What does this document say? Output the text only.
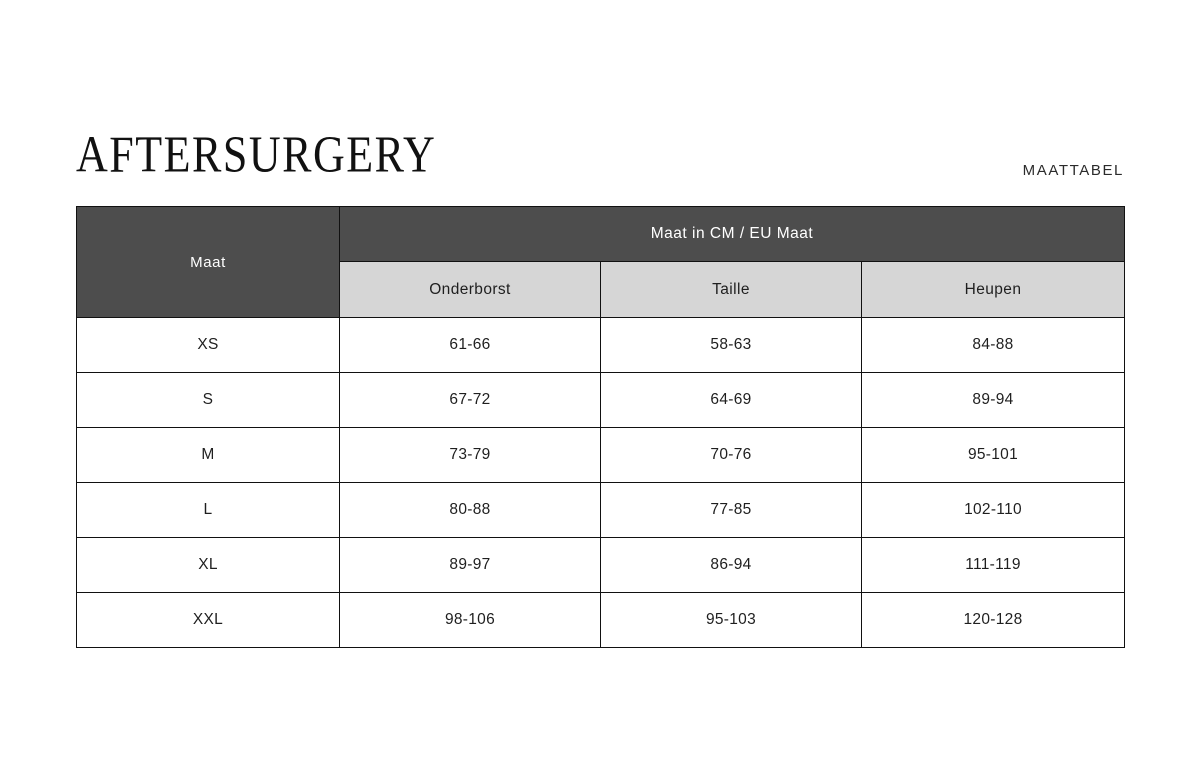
AFTERSURGERY	MAATTABEL
Maat	Maat in CM / EU Maat		
	Onderborst	Taille	Heupen
XS	61-66	58-63	84-88
S	67-72	64-69	89-94
M	73-79	70-76	95-101
L	80-88	77-85	102-110
XL	89-97	86-94	111-119
XXL	98-106	95-103	120-128
